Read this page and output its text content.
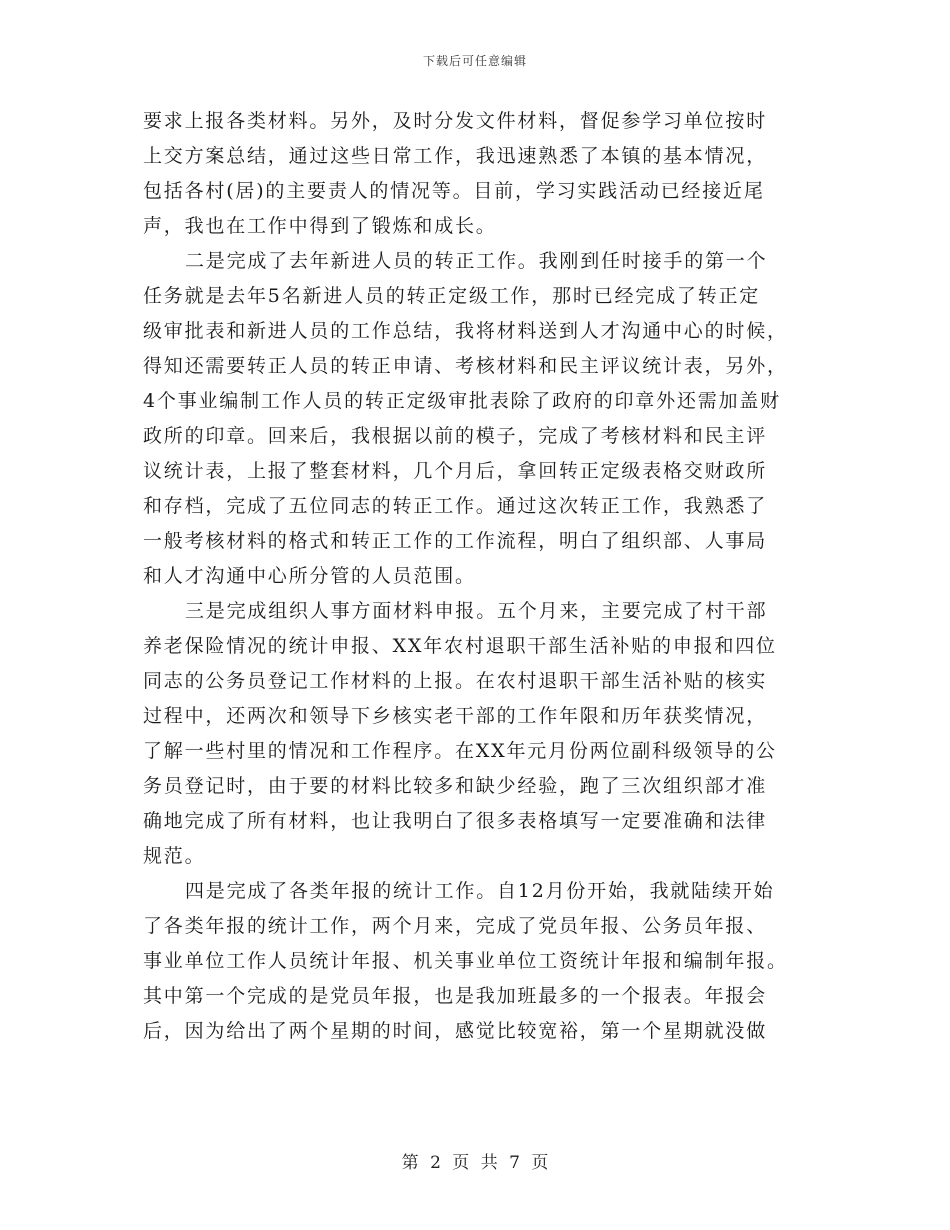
下载后可任意编辑
要求上报各类材料。另外，及时分发文件材料，督促参学习单位按时
上交方案总结，通过这些日常工作，我迅速熟悉了本镇的基本情况，
包括各村(居)的主要责人的情况等。目前，学习实践活动已经接近尾
声，我也在工作中得到了锻炼和成长。
二是完成了去年新进人员的转正工作。我刚到任时接手的第一个
任务就是去年5名新进人员的转正定级工作，那时已经完成了转正定
级审批表和新进人员的工作总结，我将材料送到人才沟通中心的时候，
得知还需要转正人员的转正申请、考核材料和民主评议统计表，另外，
4个事业编制工作人员的转正定级审批表除了政府的印章外还需加盖财
政所的印章。回来后，我根据以前的模子，完成了考核材料和民主评
议统计表，上报了整套材料，几个月后，拿回转正定级表格交财政所
和存档，完成了五位同志的转正工作。通过这次转正工作，我熟悉了
一般考核材料的格式和转正工作的工作流程，明白了组织部、人事局
和人才沟通中心所分管的人员范围。
三是完成组织人事方面材料申报。五个月来，主要完成了村干部
养老保险情况的统计申报、XX年农村退职干部生活补贴的申报和四位
同志的公务员登记工作材料的上报。在农村退职干部生活补贴的核实
过程中，还两次和领导下乡核实老干部的工作年限和历年获奖情况，
了解一些村里的情况和工作程序。在XX年元月份两位副科级领导的公
务员登记时，由于要的材料比较多和缺少经验，跑了三次组织部才准
确地完成了所有材料，也让我明白了很多表格填写一定要准确和法律
规范。
四是完成了各类年报的统计工作。自12月份开始，我就陆续开始
了各类年报的统计工作，两个月来，完成了党员年报、公务员年报、
事业单位工作人员统计年报、机关事业单位工资统计年报和编制年报。
其中第一个完成的是党员年报，也是我加班最多的一个报表。年报会
后，因为给出了两个星期的时间，感觉比较宽裕，第一个星期就没做
第 2 页 共 7 页
